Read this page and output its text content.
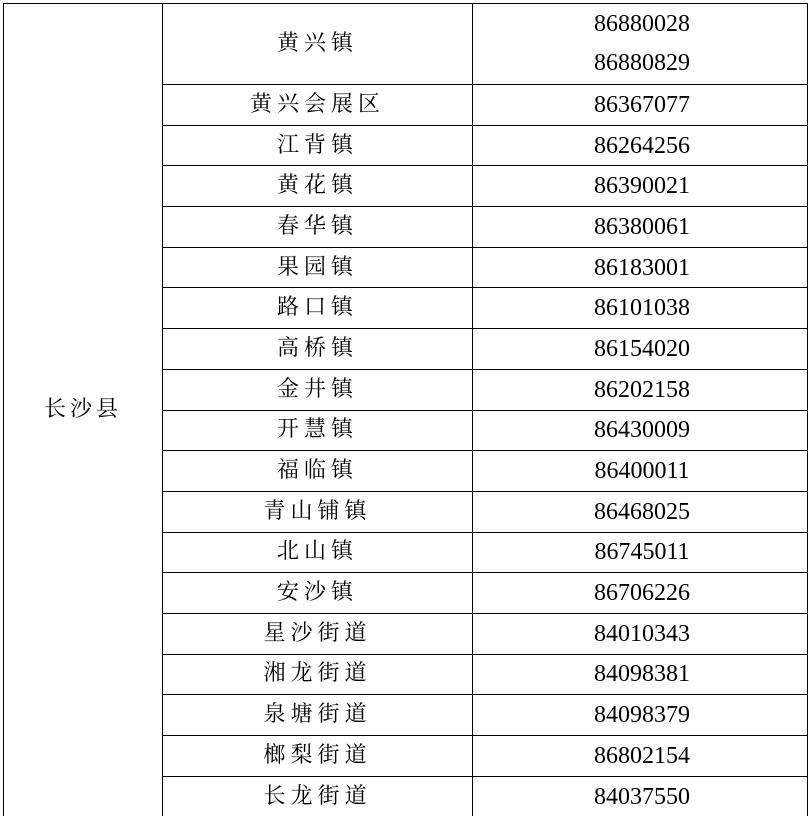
长沙县	黄兴镇	86880028
86880829

	黄兴会展区	86367077
	江背镇	86264256
	黄花镇	86390021
	春华镇	86380061
	果园镇	86183001
	路口镇	86101038
	高桥镇	86154020
	金井镇	86202158
	开慧镇	86430009
	福临镇	86400011
	青山铺镇	86468025
	北山镇	86745011
	安沙镇	86706226
	星沙街道	84010343
	湘龙街道	84098381
	泉塘街道	84098379
	榔梨街道	86802154
	长龙街道	84037550
